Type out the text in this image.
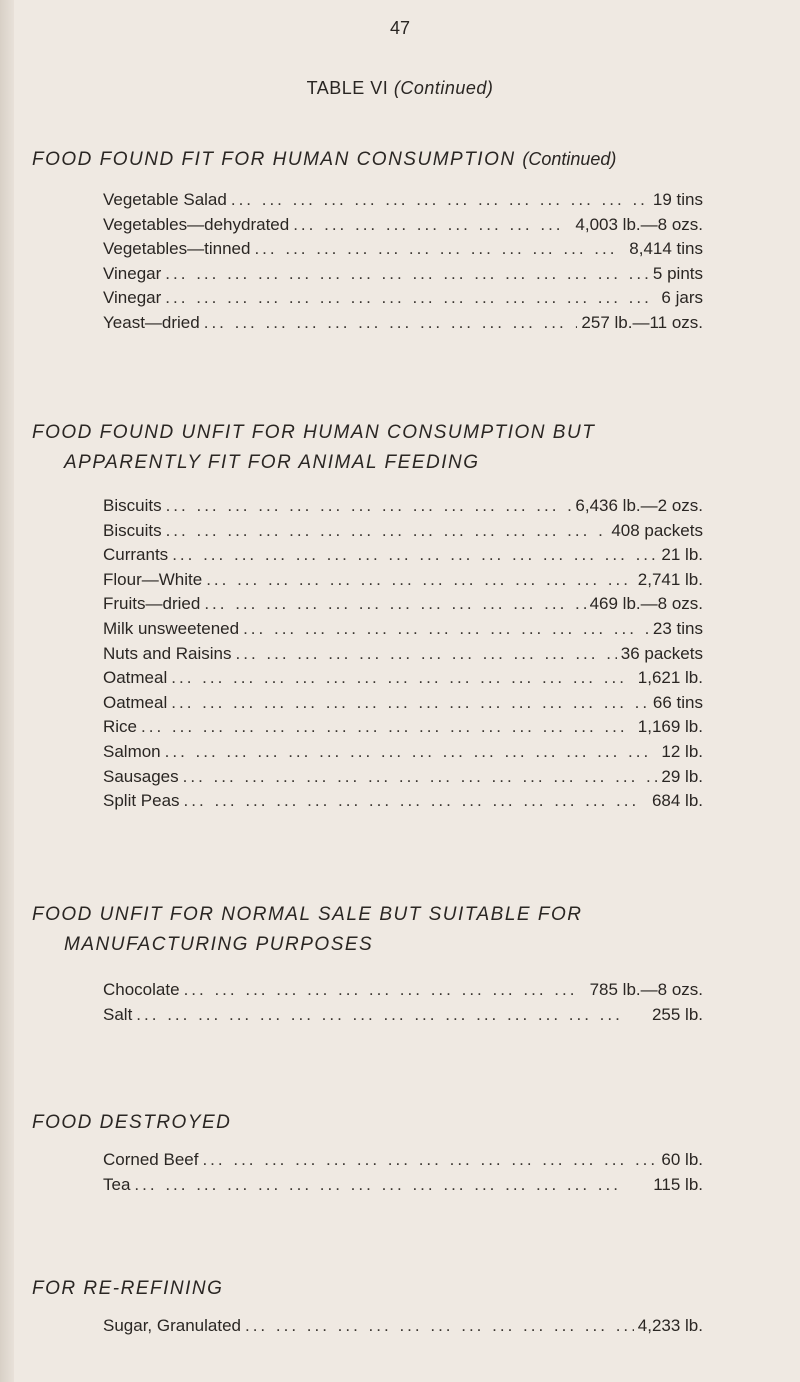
47
TABLE VI (Continued)
FOOD FOUND FIT FOR HUMAN CONSUMPTION (Continued)
Vegetable Salad ... .	19 tins
Vegetables—dehydrated ... .	4,003 lb.—8 ozs.
Vegetables—tinned ... .	8,414 tins
Vinegar ... .	5 pints
Vinegar ... .	6 jars
Yeast—dried ... .	257 lb.—11 ozs.
FOOD FOUND UNFIT FOR HUMAN CONSUMPTION BUT
APPARENTLY FIT FOR ANIMAL FEEDING
Biscuits ... .	6,436 lb.—2 ozs.
Biscuits ... .	408 packets
Currants ... .	21 lb.
Flour—White ... .	2,741 lb.
Fruits—dried ... .	469 lb.—8 ozs.
Milk unsweetened ... .	23 tins
Nuts and Raisins ... .	36 packets
Oatmeal ... .	1,621 lb.
Oatmeal ... .	66 tins
Rice ... .	1,169 lb.
Salmon ... .	12 lb.
Sausages ... .	29 lb.
Split Peas ... .	684 lb.
FOOD UNFIT FOR NORMAL SALE BUT SUITABLE FOR
MANUFACTURING PURPOSES
Chocolate ... .	785 lb.—8 ozs.
Salt ... .	255 lb.
FOOD DESTROYED
Corned Beef ... .	60 lb.
Tea ... .	115 lb.
FOR RE-REFINING
Sugar, Granulated ... .	4,233 lb.
